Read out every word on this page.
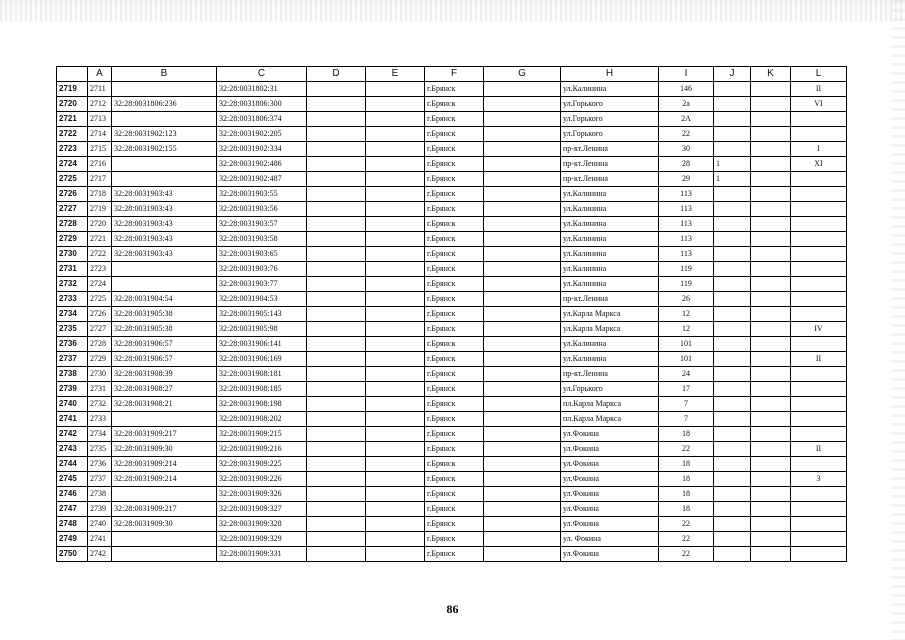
	A	B	C	D	E	F	G	H	I	J	K	L
2719	2711		32:28:0031802:31			г.Брянск		ул.Калинина	146			II
2720	2712	32:28:0031806:236	32:28:0031806:300			г.Брянск		ул.Горького	2а			VI
2721	2713		32:28:0031806:374			г.Брянск		ул.Горького	2А			
2722	2714	32:28:0031902:123	32:28:0031902:205			г.Брянск		ул.Горького	22			
2723	2715	32:28:0031902:155	32:28:0031902:334			г.Брянск		пр-кт.Ленина	30			I
2724	2716		32:28:0031902:486			г.Брянск		пр-кт.Ленина	28	1		XI
2725	2717		32:28:0031902:487			г.Брянск		пр-кт.Ленина	29	1		
2726	2718	32:28:0031903:43	32:28:0031903:55			г.Брянск		ул.Калинина	113			
2727	2719	32:28:0031903:43	32:28:0031903:56			г.Брянск		ул.Калинина	113			
2728	2720	32:28:0031903:43	32:28:0031903:57			г.Брянск		ул.Калинина	113			
2729	2721	32:28:0031903:43	32:28:0031903:58			г.Брянск		ул.Калинина	113			
2730	2722	32:28:0031903:43	32:28:0031903:65			г.Брянск		ул.Калинина	113			
2731	2723		32:28:0031903:76			г.Брянск		ул.Калинина	119			
2732	2724		32:28:0031903:77			г.Брянск		ул.Калинина	119			
2733	2725	32:28:0031904:54	32:28:0031904:53			г.Брянск		пр-кт.Ленина	26			
2734	2726	32:28:0031905:38	32:28:0031905:143			г.Брянск		ул.Карла Маркса	12			
2735	2727	32:28:0031905:38	32:28:0031905:98			г.Брянск		ул.Карла Маркса	12			IV
2736	2728	32:28:0031906:57	32:28:0031906:141			г.Брянск		ул.Калинина	101			
2737	2729	32:28:0031906:57	32:28:0031906:169			г.Брянск		ул.Калинина	101			II
2738	2730	32:28:0031908:39	32:28:0031908:181			г.Брянск		пр-кт.Ленина	24			
2739	2731	32:28:0031908:27	32:28:0031908:185			г.Брянск		ул.Горького	17			
2740	2732	32:28:0031908:21	32:28:0031908:198			г.Брянск		пл.Карла Маркса	7			
2741	2733		32:28:0031908:202			г.Брянск		пл.Карла Маркса	7			
2742	2734	32:28:0031909:217	32:28:0031909:215			г.Брянск		ул.Фокина	18			
2743	2735	32:28:0031909:30	32:28:0031909:216			г.Брянск		ул.Фокина	22			II
2744	2736	32:28:0031909:214	32:28:0031909:225			г.Брянск		ул.Фокина	18			
2745	2737	32:28:0031909:214	32:28:0031909:226			г.Брянск		ул.Фокина	18			3
2746	2738		32:28:0031909:326			г.Брянск		ул.Фокина	18			
2747	2739	32:28:0031909:217	32:28:0031909:327			г.Брянск		ул.Фокина	18			
2748	2740	32:28:0031909:30	32:28:0031909:328			г.Брянск		ул.Фокина	22			
2749	2741		32:28:0031909:329			г.Брянск		ул. Фокина	22			
2750	2742		32:28:0031909:331			г.Брянск		ул.Фокина	22			
86
